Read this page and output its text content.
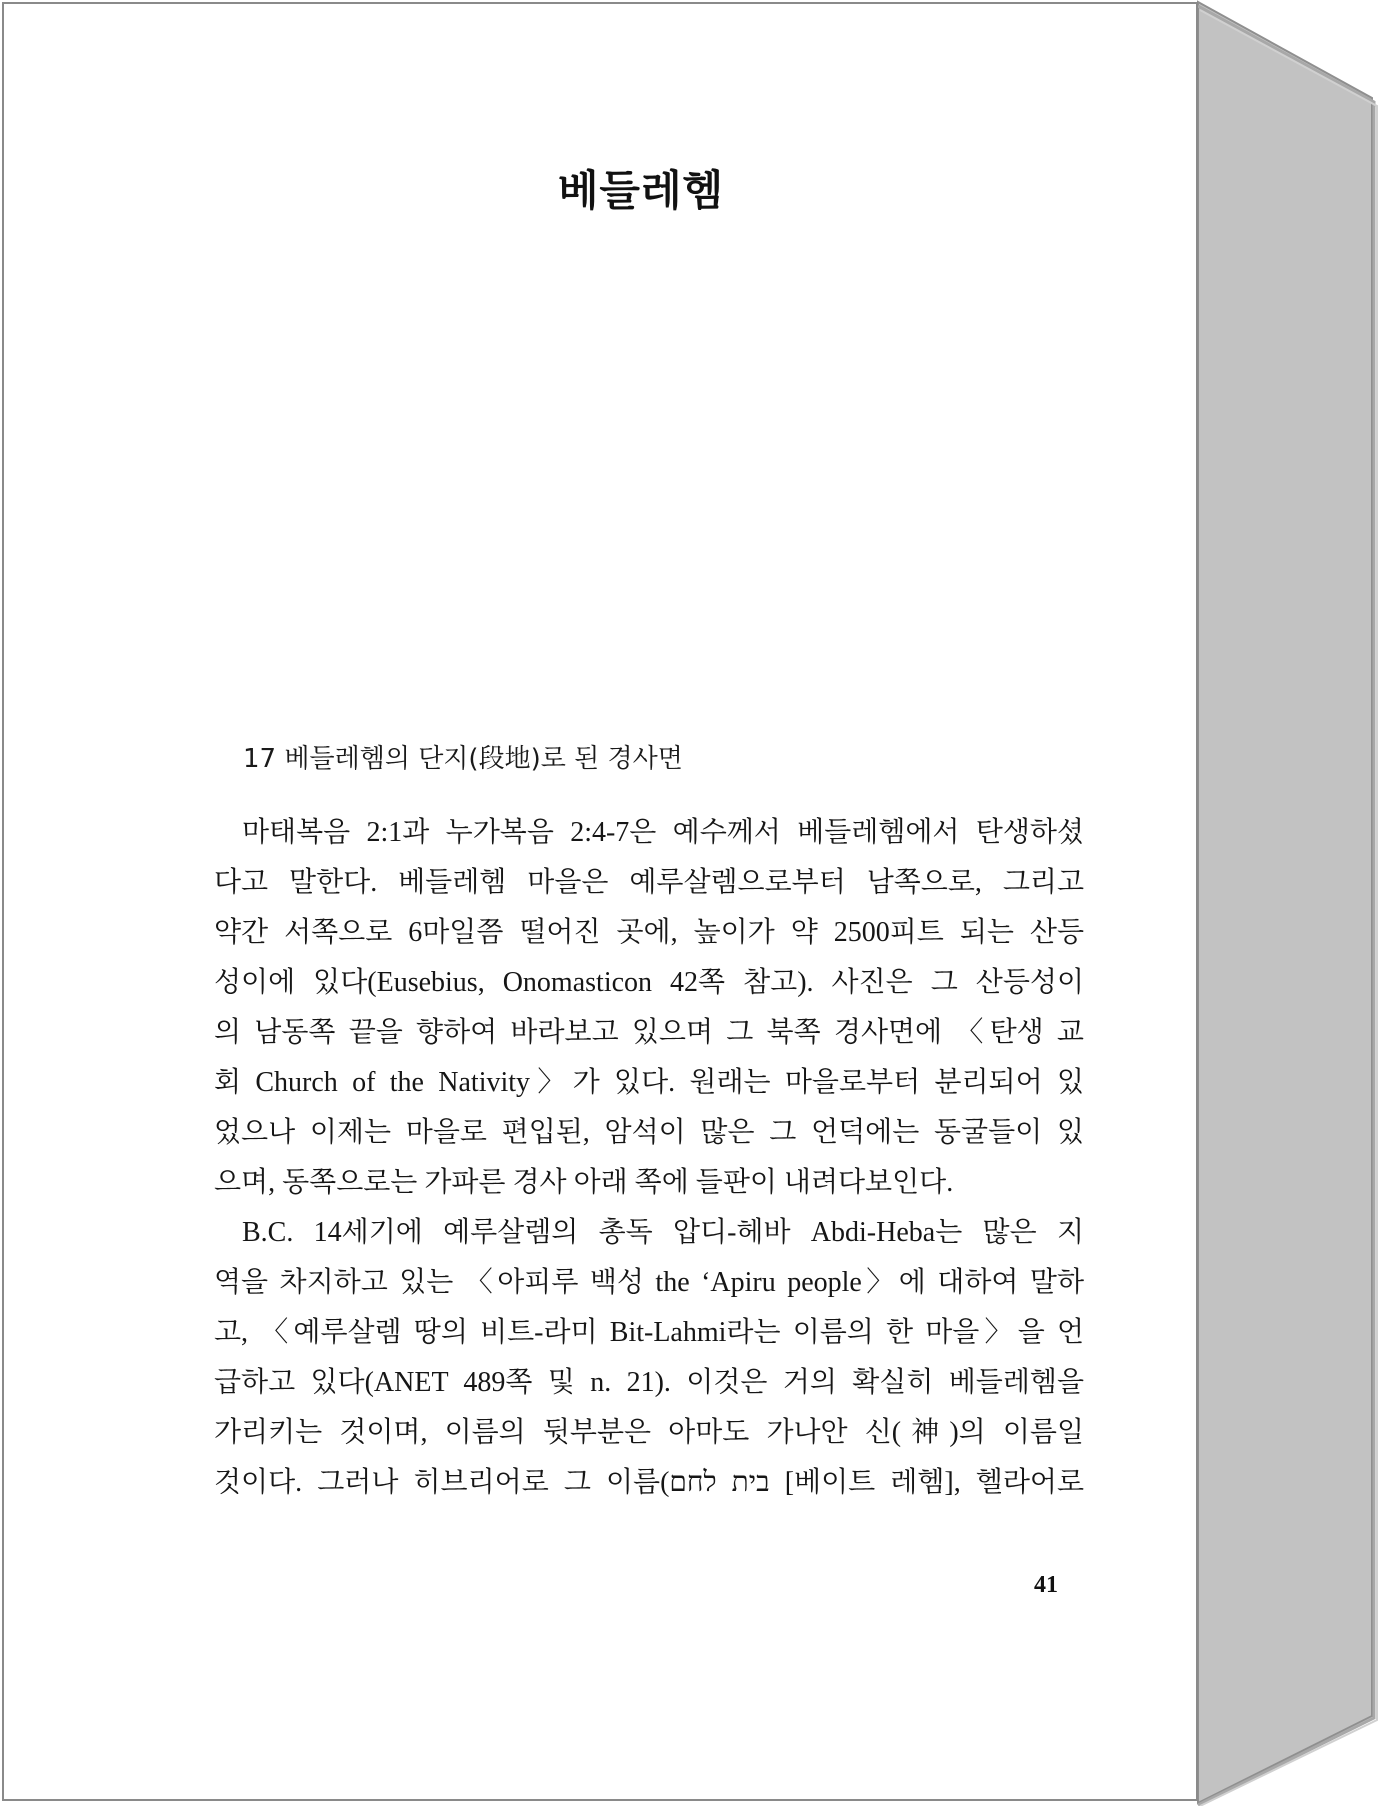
베들레헴
17 베들레헴의 단지(段地)로 된 경사면
마태복음 2:1과 누가복음 2:4-7은 예수께서 베들레헴에서 탄생하셨
다고 말한다. 베들레헴 마을은 예루살렘으로부터 남쪽으로, 그리고
약간 서쪽으로 6마일쯤 떨어진 곳에, 높이가 약 2500피트 되는 산등
성이에 있다(Eusebius, Onomasticon 42쪽 참고). 사진은 그 산등성이
의 남동쪽 끝을 향하여 바라보고 있으며 그 북쪽 경사면에 〈탄생 교
회 Church of the Nativity〉가 있다. 원래는 마을로부터 분리되어 있
었으나 이제는 마을로 편입된, 암석이 많은 그 언덕에는 동굴들이 있
으며, 동쪽으로는 가파른 경사 아래 쪽에 들판이 내려다보인다.
B.C. 14세기에 예루살렘의 총독 압디-헤바 Abdi-Heba는 많은 지
역을 차지하고 있는 〈아피루 백성 the ‘Apiru people〉에 대하여 말하
고, 〈예루살렘 땅의 비트-라미 Bit-Lahmi라는 이름의 한 마을〉을 언
급하고 있다(ANET 489쪽 및 n. 21). 이것은 거의 확실히 베들레헴을
가리키는 것이며, 이름의 뒷부분은 아마도 가나안 신(神)의 이름일
것이다. 그러나 히브리어로 그 이름(בית לחם [베이트 레헴], 헬라어로
41
